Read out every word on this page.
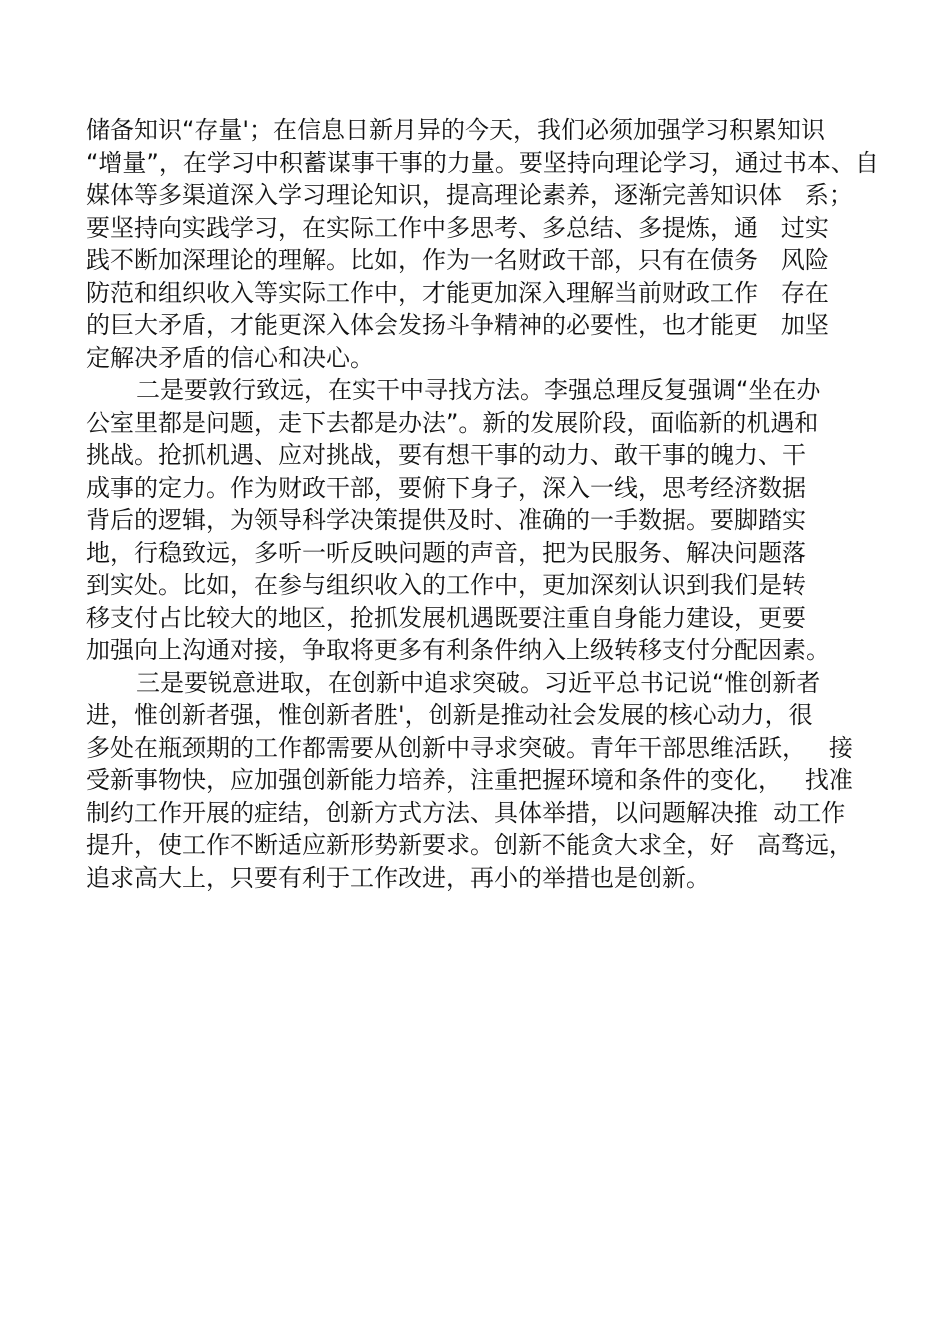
储备知识“存量'；在信息日新月异的今天，我们必须加强学习积累知识
“增量”，在学习中积蓄谋事干事的力量。要坚持向理论学习，通过书本、自
媒体等多渠道深入学习理论知识，提高理论素养，逐渐完善知识体   系；
要坚持向实践学习，在实际工作中多思考、多总结、多提炼，通   过实
践不断加深理论的理解。比如，作为一名财政干部，只有在债务   风险
防范和组织收入等实际工作中，才能更加深入理解当前财政工作   存在
的巨大矛盾，才能更深入体会发扬斗争精神的必要性，也才能更   加坚
定解决矛盾的信心和决心。
二是要敦行致远，在实干中寻找方法。李强总理反复强调“坐在办
公室里都是问题，走下去都是办法”。新的发展阶段，面临新的机遇和
挑战。抢抓机遇、应对挑战，要有想干事的动力、敢干事的魄力、干
成事的定力。作为财政干部，要俯下身子，深入一线，思考经济数据
背后的逻辑，为领导科学决策提供及时、准确的一手数据。要脚踏实
地，行稳致远，多听一听反映问题的声音，把为民服务、解决问题落
到实处。比如，在参与组织收入的工作中，更加深刻认识到我们是转
移支付占比较大的地区，抢抓发展机遇既要注重自身能力建设，更要
加强向上沟通对接，争取将更多有利条件纳入上级转移支付分配因素。
三是要锐意进取，在创新中追求突破。习近平总书记说“惟创新者
进，惟创新者强，惟创新者胜'，创新是推动社会发展的核心动力，很
多处在瓶颈期的工作都需要从创新中寻求突破。青年干部思维活跃，   接
受新事物快，应加强创新能力培养，注重把握环境和条件的变化，   找准
制约工作开展的症结，创新方式方法、具体举措，以问题解决推  动工作
提升，使工作不断适应新形势新要求。创新不能贪大求全，好   高骛远，
追求高大上，只要有利于工作改进，再小的举措也是创新。
